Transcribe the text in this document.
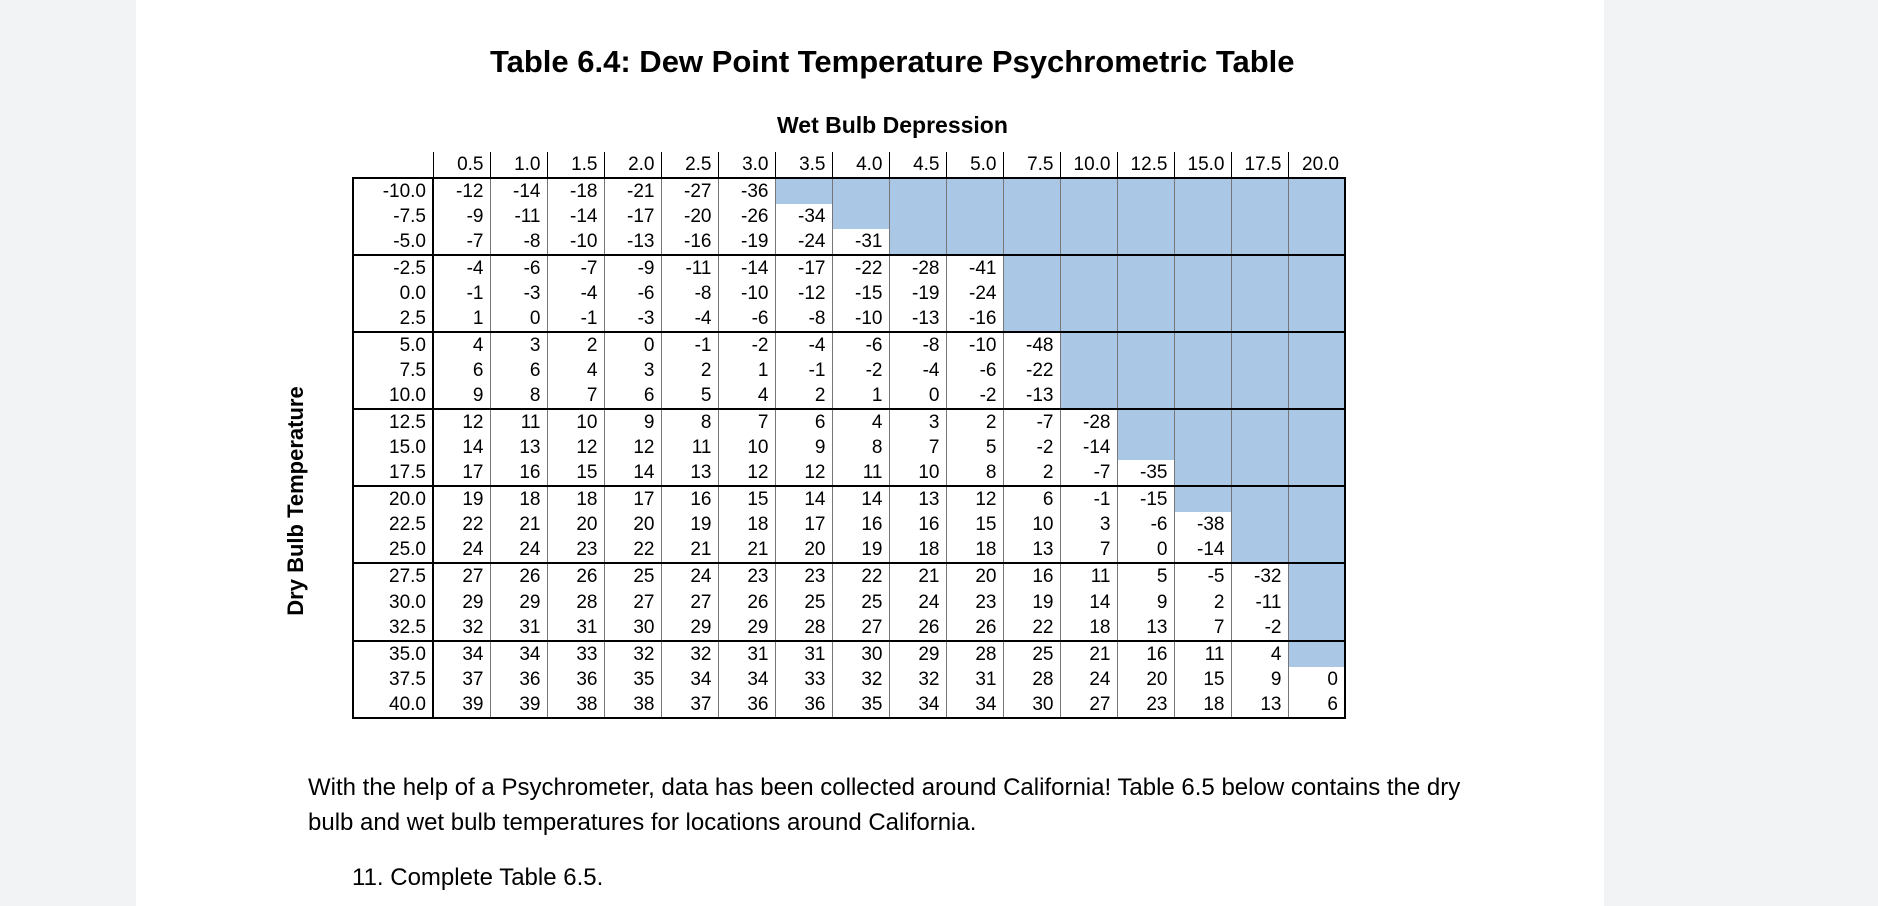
Table 6.4: Dew Point Temperature Psychrometric Table
Wet Bulb Depression
Dry Bulb Temperature
	0.5	1.0	1.5	2.0	2.5	3.0	3.5	4.0	4.5	5.0	7.5	10.0	12.5	15.0	17.5	20.0
-10.0	-12	-14	-18	-21	-27	-36										
-7.5	-9	-11	-14	-17	-20	-26	-34									
-5.0	-7	-8	-10	-13	-16	-19	-24	-31								
-2.5	-4	-6	-7	-9	-11	-14	-17	-22	-28	-41						
0.0	-1	-3	-4	-6	-8	-10	-12	-15	-19	-24						
2.5	1	0	-1	-3	-4	-6	-8	-10	-13	-16						
5.0	4	3	2	0	-1	-2	-4	-6	-8	-10	-48					
7.5	6	6	4	3	2	1	-1	-2	-4	-6	-22					
10.0	9	8	7	6	5	4	2	1	0	-2	-13					
12.5	12	11	10	9	8	7	6	4	3	2	-7	-28				
15.0	14	13	12	12	11	10	9	8	7	5	-2	-14				
17.5	17	16	15	14	13	12	12	11	10	8	2	-7	-35			
20.0	19	18	18	17	16	15	14	14	13	12	6	-1	-15			
22.5	22	21	20	20	19	18	17	16	16	15	10	3	-6	-38		
25.0	24	24	23	22	21	21	20	19	18	18	13	7	0	-14		
27.5	27	26	26	25	24	23	23	22	21	20	16	11	5	-5	-32	
30.0	29	29	28	27	27	26	25	25	24	23	19	14	9	2	-11	
32.5	32	31	31	30	29	29	28	27	26	26	22	18	13	7	-2	
35.0	34	34	33	32	32	31	31	30	29	28	25	21	16	11	4	
37.5	37	36	36	35	34	34	33	32	32	31	28	24	20	15	9	0
40.0	39	39	38	38	37	36	36	35	34	34	30	27	23	18	13	6
With the help of a Psychrometer, data has been collected around California! Table 6.5 below contains the dry bulb and wet bulb temperatures for locations around California.
11. Complete Table 6.5.
